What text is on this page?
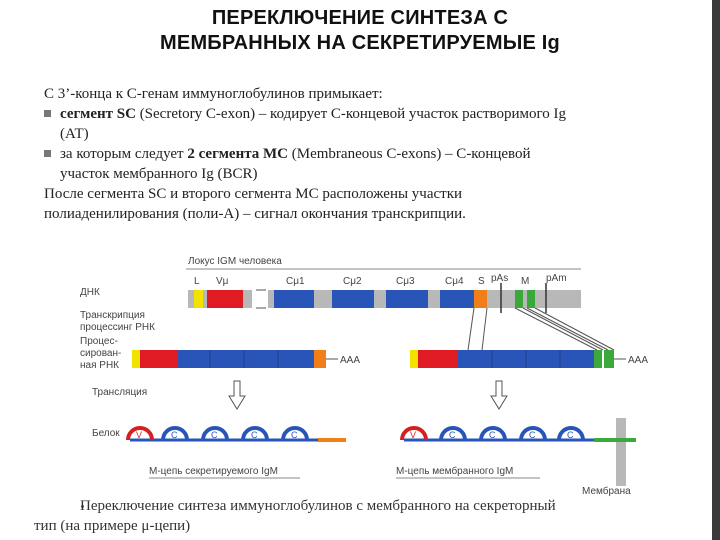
ПЕРЕКЛЮЧЕНИЕ СИНТЕЗА С
МЕМБРАННЫХ НА СЕКРЕТИРУЕМЫЕ Ig

С 3’-конца к С-генам иммуноглобулинов примыкает:

сегмент SC (Secretory C-exon) – кодирует С-концевой участок растворимого Ig
(АТ)

за которым следует 2 сегмента МС (Membraneous C-exons) – С-концевой
участок мембранного Ig (BCR)

После сегмента SC и второго сегмента MC расположены участки

полиаденилирования (поли-А) – сигнал окончания транскрипции.

Локус IGM человека
ДНК
L Vμ	Cμ1	Cμ2	Cμ3	Cμ4 S pAs M pAm
Транскрипция
процессинг РНК
Процес-
сирован-
ная РНК	AAA	AAA
Трансляция
Белок V	C	C	C	C
М-цепь секретируемого IgM
V	C	C	C	C
М-цепь мембранного IgM
Мембрана
Переключение синтеза иммуноглобулинов с мембранного на секреторный
тип (на примере μ-цепи)
